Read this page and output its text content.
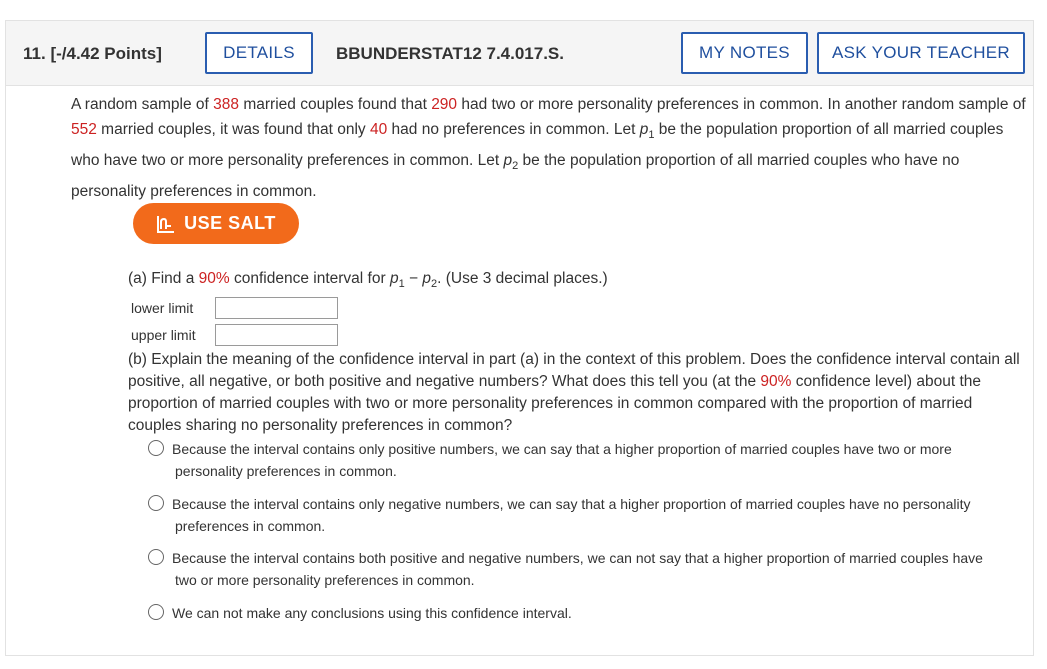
11. [-/4.42 Points]	DETAILS	BBUNDERSTAT12 7.4.017.S.	MY NOTES	ASK YOUR TEACHER
A random sample of 388 married couples found that 290 had two or more personality preferences in common. In another random sample of 552 married couples, it was found that only 40 had no preferences in common. Let $p_1$ be the population proportion of all married couples who have two or more personality preferences in common. Let $p_2$ be the population proportion of all married couples who have no personality preferences in common.
USE SALT
(a) Find a 90% confidence interval for $p_1 - p_2$. (Use 3 decimal places.)
lower limit
upper limit
(b) Explain the meaning of the confidence interval in part (a) in the context of this problem. Does the confidence interval contain all positive, all negative, or both positive and negative numbers? What does this tell you (at the 90% confidence level) about the proportion of married couples with two or more personality preferences in common compared with the proportion of married couples sharing no personality preferences in common?
Because the interval contains only positive numbers, we can say that a higher proportion of married couples have two or more
personality preferences in common.
Because the interval contains only negative numbers, we can say that a higher proportion of married couples have no personality
preferences in common.
Because the interval contains both positive and negative numbers, we can not say that a higher proportion of married couples have
two or more personality preferences in common.
We can not make any conclusions using this confidence interval.
